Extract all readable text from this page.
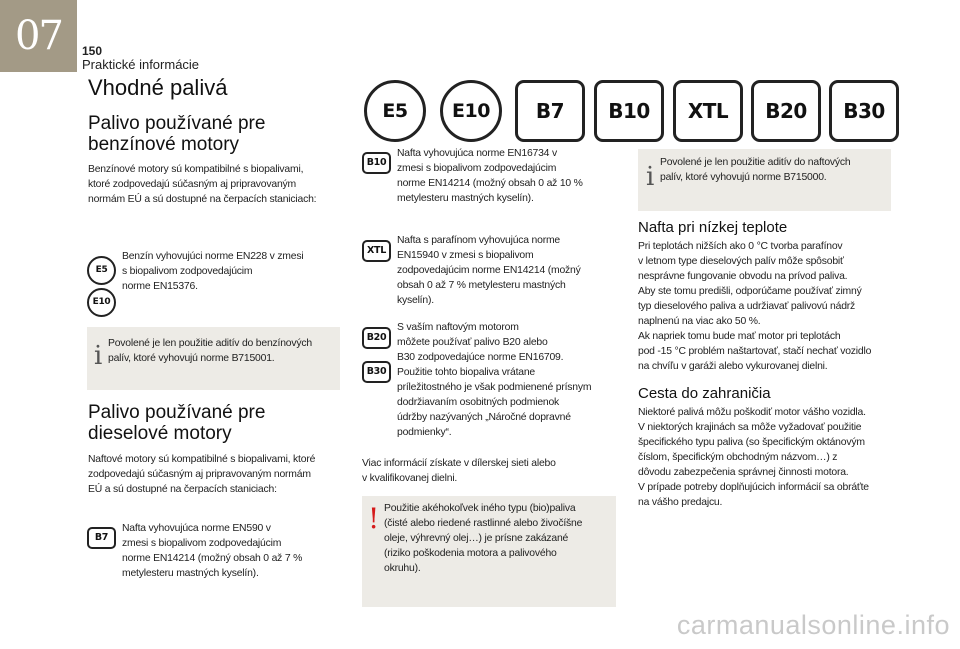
07	150
Praktické informácie
Vhodné palivá
E5	E10	B7	B10	XTL	B20	B30
Palivo používané pre
benzínové motory
Benzínové motory sú kompatibilné s biopalivami,
ktoré zodpovedajú súčasným aj pripravovaným
normám EÚ a sú dostupné na čerpacích staniciach:
E5
E10
Benzín vyhovujúci norme EN228 v zmesi
s biopalivom zodpovedajúcim
norme EN15376.
i Povolené je len použitie aditív do benzínových
palív, ktoré vyhovujú norme B715001.
Palivo používané pre
dieselové motory
Naftové motory sú kompatibilné s biopalivami, ktoré
zodpovedajú súčasným aj pripravovaným normám
EÚ a sú dostupné na čerpacích staniciach:
B7
Nafta vyhovujúca norme EN590 v
zmesi s biopalivom zodpovedajúcim
norme EN14214 (možný obsah 0 až 7 %
metylesteru mastných kyselín).
B10
Nafta vyhovujúca norme EN16734 v
zmesi s biopalivom zodpovedajúcim
norme EN14214 (možný obsah 0 až 10 %
metylesteru mastných kyselín).
XTL
Nafta s parafínom vyhovujúca norme
EN15940 v zmesi s biopalivom
zodpovedajúcim norme EN14214 (možný
obsah 0 až 7 % metylesteru mastných
kyselín).
B20
B30
S vaším naftovým motorom
môžete používať palivo B20 alebo
B30 zodpovedajúce norme EN16709.
Použitie tohto biopaliva vrátane
príležitostného je však podmienené prísnym
dodržiavaním osobitných podmienok
údržby nazývaných „Náročné dopravné
podmienky“.
Viac informácií získate v dílerskej sieti alebo
v kvalifikovanej dielni.
! Použitie akéhokoľvek iného typu (bio)paliva
(čisté alebo riedené rastlinné alebo živočíšne
oleje, výhrevný olej…) je prísne zakázané
(riziko poškodenia motora a palivového
okruhu).
i Povolené je len použitie aditív do naftových
palív, ktoré vyhovujú norme B715000.
Nafta pri nízkej teplote
Pri teplotách nižších ako 0 °C tvorba parafínov
v letnom type dieselových palív môže spôsobiť
nesprávne fungovanie obvodu na prívod paliva.
Aby ste tomu predišli, odporúčame používať zimný
typ dieselového paliva a udržiavať palivovú nádrž
naplnenú na viac ako 50 %.
Ak napriek tomu bude mať motor pri teplotách
pod -15 °C problém naštartovať, stačí nechať vozidlo
na chvíľu v garáži alebo vykurovanej dielni.
Cesta do zahraničia
Niektoré palivá môžu poškodiť motor vášho vozidla.
V niektorých krajinách sa môže vyžadovať použitie
špecifického typu paliva (so špecifickým oktánovým
číslom, špecifickým obchodným názvom…) z
dôvodu zabezpečenia správnej činnosti motora.
V prípade potreby doplňujúcich informácií sa obráťte
na vášho predajcu.
carmanualsonline.info
